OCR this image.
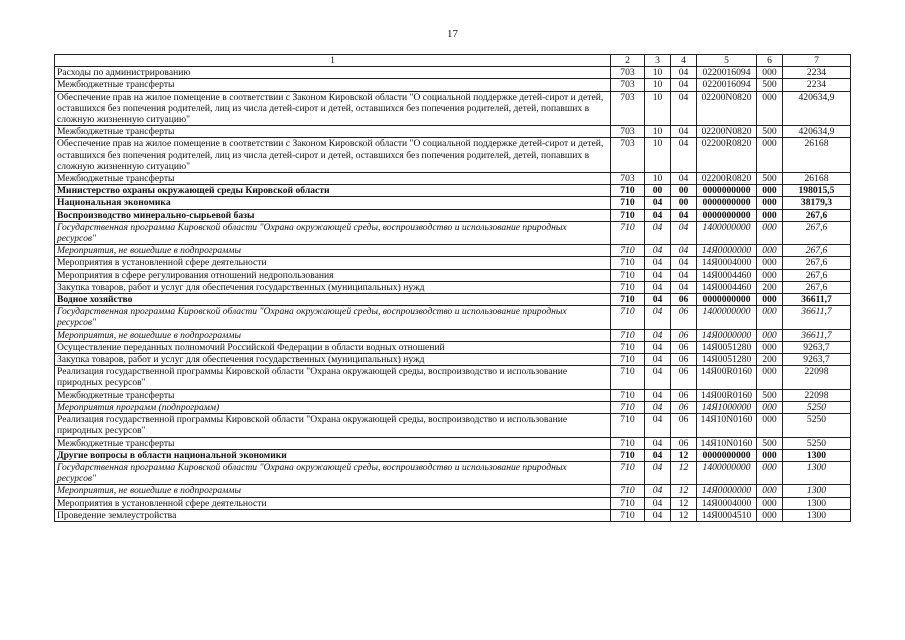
17
1	2	3	4	5	6	7
Расходы по администрированию	703	10	04	0220016094	000	2234
Межбюджетные трансферты	703	10	04	0220016094	500	2234
Обеспечение прав на жилое помещение в соответствии с Законом Кировской области "О социальной поддержке детей-сирот и детей, оставшихся без попечения родителей, лиц из числа детей-сирот и детей, оставшихся без попечения родителей, детей, попавших в сложную жизненную ситуацию"	703	10	04	02200N0820	000	420634,9
Межбюджетные трансферты	703	10	04	02200N0820	500	420634,9
Обеспечение прав на жилое помещение в соответствии с Законом Кировской области "О социальной поддержке детей-сирот и детей, оставшихся без попечения родителей, лиц из числа детей-сирот и детей, оставшихся без попечения родителей, детей, попавших в сложную жизненную ситуацию"	703	10	04	02200R0820	000	26168
Межбюджетные трансферты	703	10	04	02200R0820	500	26168
Министерство охраны окружающей среды Кировской области	710	00	00	0000000000	000	198015,5
Национальная экономика	710	04	00	0000000000	000	38179,3
Воспроизводство минерально-сырьевой базы	710	04	04	0000000000	000	267,6
Государственная программа Кировской области "Охрана окружающей среды, воспроизводство и использование природных ресурсов"	710	04	04	1400000000	000	267,6
Мероприятия, не вошедшие в подпрограммы	710	04	04	14Я0000000	000	267,6
Мероприятия в установленной сфере деятельности	710	04	04	14Я0004000	000	267,6
Мероприятия в сфере регулирования отношений недропользования	710	04	04	14Я0004460	000	267,6
Закупка товаров, работ и услуг для обеспечения государственных (муниципальных) нужд	710	04	04	14Я0004460	200	267,6
Водное хозяйство	710	04	06	0000000000	000	36611,7
Государственная программа Кировской области "Охрана окружающей среды, воспроизводство и использование природных ресурсов"	710	04	06	1400000000	000	36611,7
Мероприятия, не вошедшие в подпрограммы	710	04	06	14Я0000000	000	36611,7
Осуществление переданных полномочий Российской Федерации в области водных отношений	710	04	06	14Я0051280	000	9263,7
Закупка товаров, работ и услуг для обеспечения государственных (муниципальных) нужд	710	04	06	14Я0051280	200	9263,7
Реализация государственной программы Кировской области "Охрана окружающей среды, воспроизводство и использование природных ресурсов"	710	04	06	14Я00R0160	000	22098
Межбюджетные трансферты	710	04	06	14Я00R0160	500	22098
Мероприятия программ (подпрограмм)	710	04	06	14Я1000000	000	5250
Реализация государственной программы Кировской области "Охрана окружающей среды, воспроизводство и использование природных ресурсов"	710	04	06	14Я10N0160	000	5250
Межбюджетные трансферты	710	04	06	14Я10N0160	500	5250
Другие вопросы в области национальной экономики	710	04	12	0000000000	000	1300
Государственная программа Кировской области "Охрана окружающей среды, воспроизводство и использование природных ресурсов"	710	04	12	1400000000	000	1300
Мероприятия, не вошедшие в подпрограммы	710	04	12	14Я0000000	000	1300
Мероприятия в установленной сфере деятельности	710	04	12	14Я0004000	000	1300
Проведение землеустройства	710	04	12	14Я0004510	000	1300
